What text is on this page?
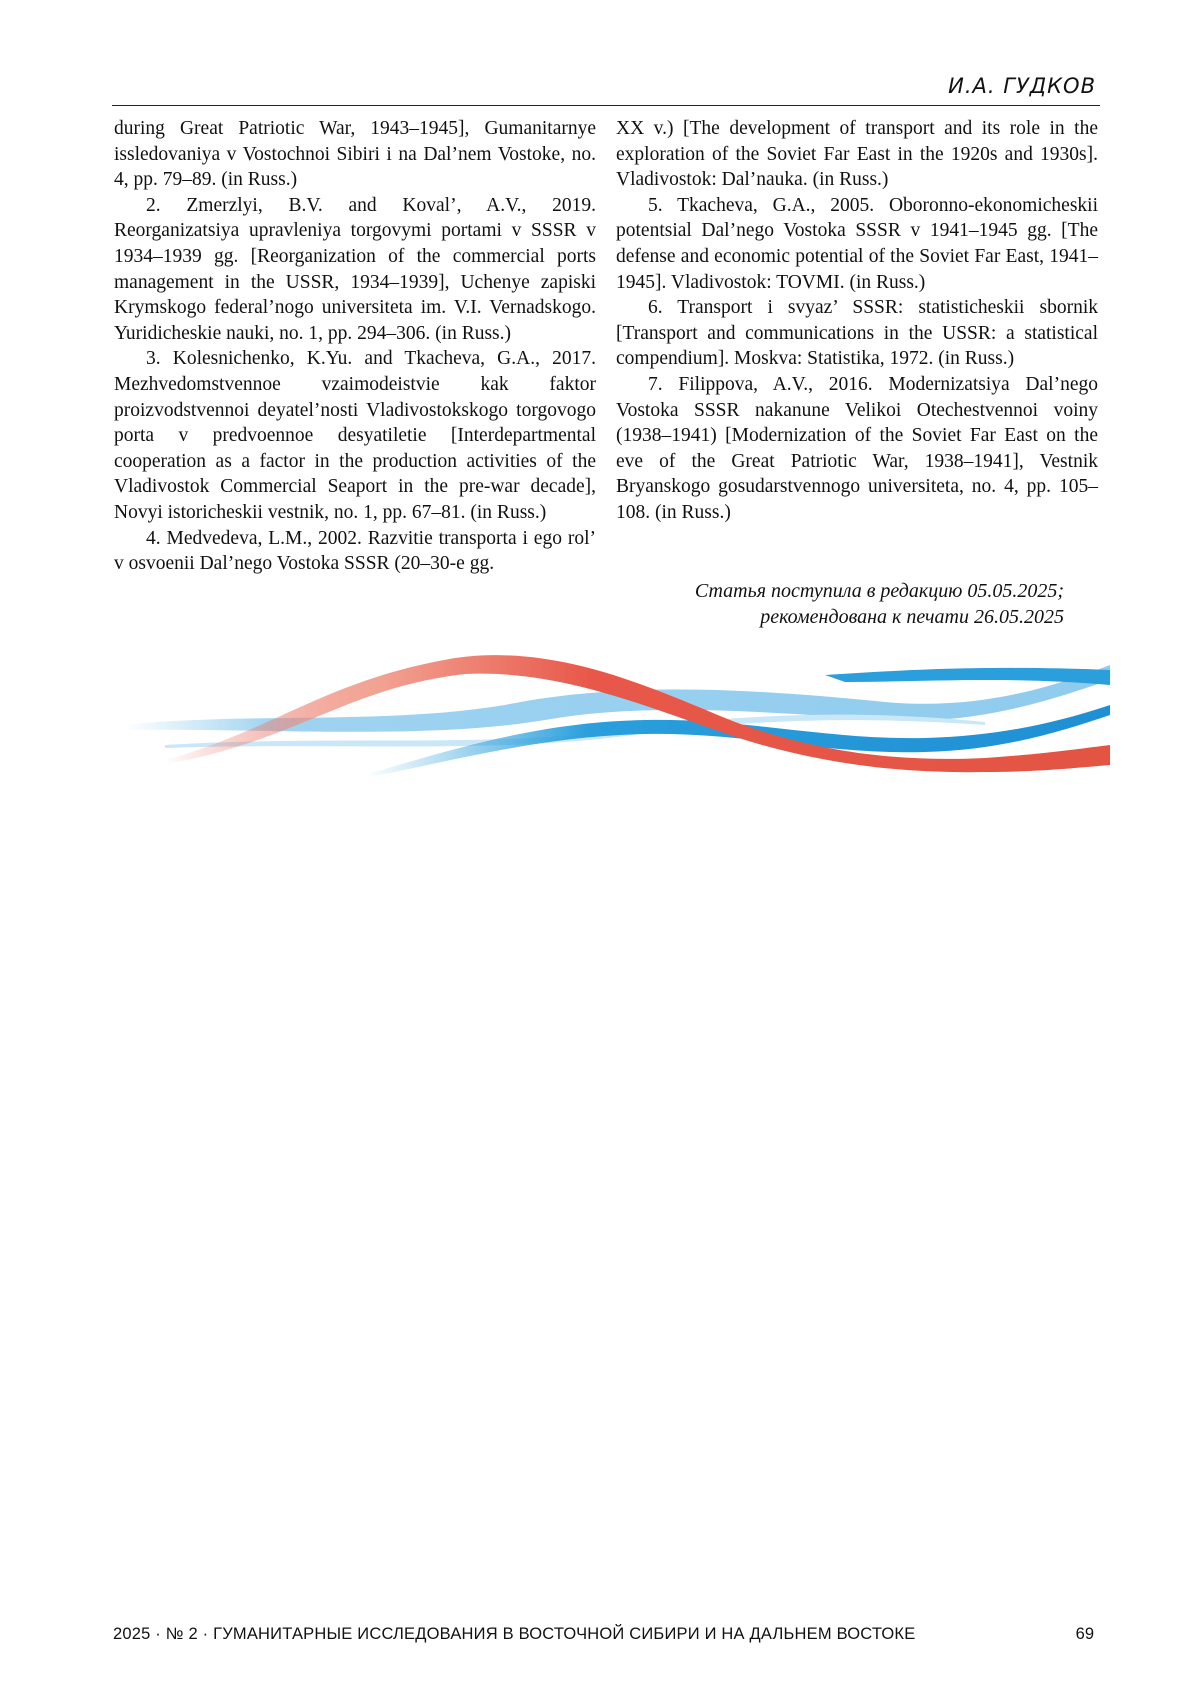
И.А. ГУДКОВ

during Great Patriotic War, 1943–1945], Gumanitarnye issledovaniya v Vostochnoi Sibiri i na Dal’nem Vostoke, no. 4, pp. 79–89. (in Russ.)

2. Zmerzlyi, B.V. and Koval’, A.V., 2019. Reorganizatsiya upravleniya torgovymi portami v SSSR v 1934–1939 gg. [Reorganization of the commercial ports management in the USSR, 1934–1939], Uchenye zapiski Krymskogo federal’nogo universiteta im. V.I. Vernadskogo. Yuridicheskie nauki, no. 1, pp. 294–306. (in Russ.)

3. Kolesnichenko, K.Yu. and Tkacheva, G.A., 2017. Mezhvedomstvennoe vzaimodeistvie kak faktor proizvodstvennoi deyatel’nosti Vladivostokskogo torgovogo porta v predvoennoe desyatiletie [Interdepartmental cooperation as a factor in the production activities of the Vladivostok Commercial Seaport in the pre-war decade], Novyi istoricheskii vestnik, no. 1, pp. 67–81. (in Russ.)

4. Medvedeva, L.M., 2002. Razvitie transporta i ego rol’ v osvoenii Dal’nego Vostoka SSSR (20–30-e gg.

XX v.) [The development of transport and its role in the exploration of the Soviet Far East in the 1920s and 1930s]. Vladivostok: Dal’nauka. (in Russ.)

5. Tkacheva, G.A., 2005. Oboronno-ekonomicheskii potentsial Dal’nego Vostoka SSSR v 1941–1945 gg. [The defense and economic potential of the Soviet Far East, 1941–1945]. Vladivostok: TOVMI. (in Russ.)

6. Transport i svyaz’ SSSR: statisticheskii sbornik [Transport and communications in the USSR: a statistical compendium]. Moskva: Statistika, 1972. (in Russ.)

7. Filippova, A.V., 2016. Modernizatsiya Dal’nego Vostoka SSSR nakanune Velikoi Otechestvennoi voiny (1938–1941) [Modernization of the Soviet Far East on the eve of the Great Patriotic War, 1938–1941], Vestnik Bryanskogo gosudarstvennogo universiteta, no. 4, pp. 105–108. (in Russ.)

Статья поступила в редакцию 05.05.2025;
рекомендована к печати 26.05.2025
2025 · № 2 · ГУМАНИТАРНЫЕ ИССЛЕДОВАНИЯ В ВОСТОЧНОЙ СИБИРИ И НА ДАЛЬНЕМ ВОСТОКЕ	69
